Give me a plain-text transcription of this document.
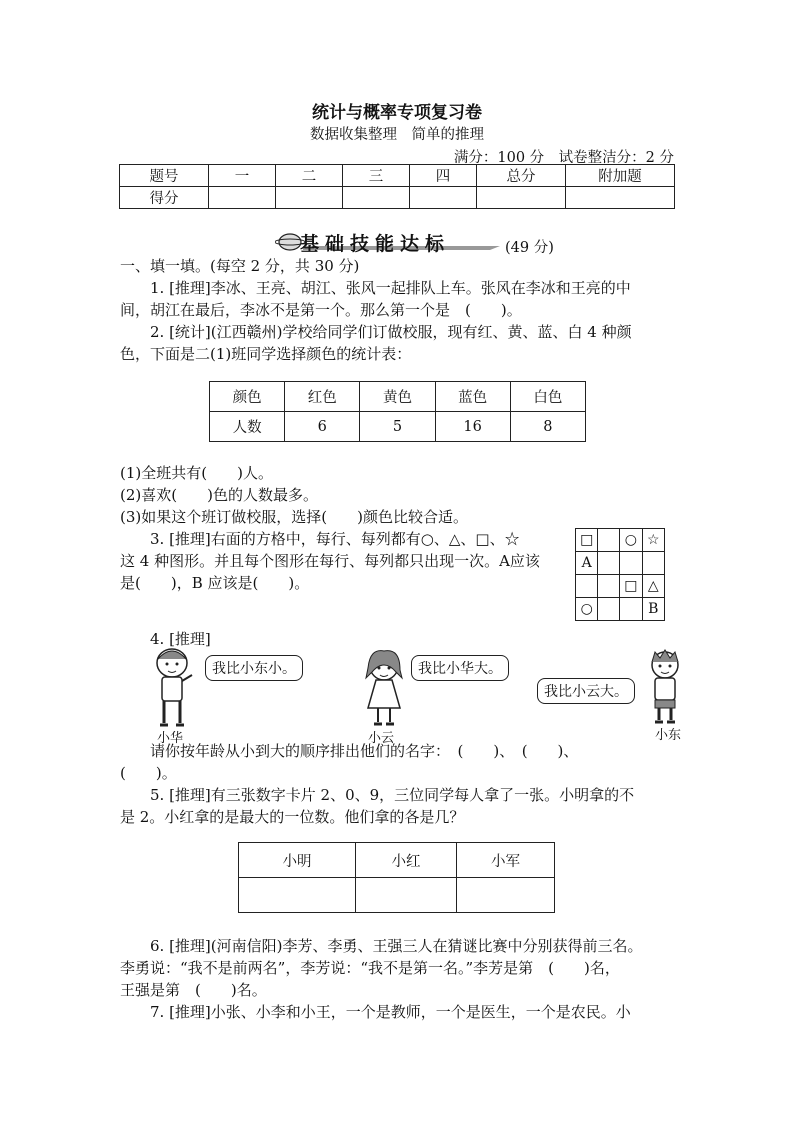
统计与概率专项复习卷
数据收集整理　简单的推理
满分：100 分　试卷整洁分：2 分
题号	一	二	三	四	总分	附加题
得分						
基础技能达标	(49 分)
一、填一填。(每空 2 分，共 30 分)
1. [推理]李冰、王亮、胡江、张风一起排队上车。张风在李冰和王亮的中
间，胡江在最后，李冰不是第一个。那么第一个是　(　　)。
2. [统计](江西赣州)学校给同学们订做校服，现有红、黄、蓝、白 4 种颜
色，下面是二(1)班同学选择颜色的统计表：
颜色	红色	黄色	蓝色	白色
人数	6	5	16	8
(1)全班共有(　　)人。
(2)喜欢(　　)色的人数最多。
(3)如果这个班订做校服，选择(　　)颜色比较合适。
3. [推理]右面的方格中，每行、每列都有○、△、□、☆
这 4 种图形。并且每个图形在每行、每列都只出现一次。A应该
是(　　)，B 应该是(　　)。
□		○	☆
A			
		□	△
○			B
4. [推理]
我比小东小。
小华
我比小华大。
小云
我比小云大。
小东
请你按年龄从小到大的顺序排出他们的名字：　(　　)、　(　　)、
(　　)。
5. [推理]有三张数字卡片 2、0、9，三位同学每人拿了一张。小明拿的不
是 2。小红拿的是最大的一位数。他们拿的各是几？
小明	小红	小军

6. [推理](河南信阳)李芳、李勇、王强三人在猜谜比赛中分别获得前三名。
李勇说：“我不是前两名”，李芳说：“我不是第一名。”李芳是第　(　　)名，
王强是第　(　　)名。
7. [推理]小张、小李和小王，一个是教师，一个是医生，一个是农民。小
